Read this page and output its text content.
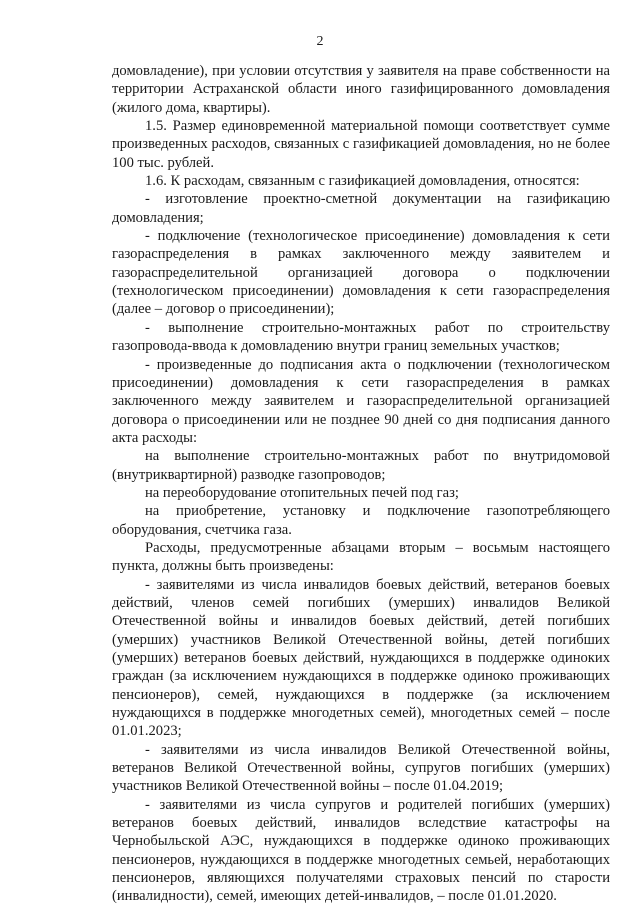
2

домовладение), при условии отсутствия у заявителя на праве собственности на территории Астраханской области иного газифицированного домовладения (жилого дома, квартиры).

1.5. Размер единовременной материальной помощи соответствует сумме произведенных расходов, связанных с газификацией домовладения, но не более 100 тыс. рублей.

1.6. К расходам, связанным с газификацией домовладения, относятся:

- изготовление проектно-сметной документации на газификацию домовладения;

- подключение (технологическое присоединение) домовладения к сети газораспределения в рамках заключенного между заявителем и газораспределительной организацией договора о подключении (технологическом присоединении) домовладения к сети газораспределения (далее – договор о присоединении);

- выполнение строительно-монтажных работ по строительству газопровода-ввода к домовладению внутри границ земельных участков;

- произведенные до подписания акта о подключении (технологическом присоединении) домовладения к сети газораспределения в рамках заключенного между заявителем и газораспределительной организацией договора о присоединении или не позднее 90 дней со дня подписания данного акта расходы:

на выполнение строительно-монтажных работ по внутридомовой (внутриквартирной) разводке газопроводов;

на переоборудование отопительных печей под газ;

на приобретение, установку и подключение газопотребляющего оборудования, счетчика газа.

Расходы, предусмотренные абзацами вторым – восьмым настоящего пункта, должны быть произведены:

- заявителями из числа инвалидов боевых действий, ветеранов боевых действий, членов семей погибших (умерших) инвалидов Великой Отечественной войны и инвалидов боевых действий, детей погибших (умерших) участников Великой Отечественной войны, детей погибших (умерших) ветеранов боевых действий, нуждающихся в поддержке одиноких граждан (за исключением нуждающихся в поддержке одиноко проживающих пенсионеров), семей, нуждающихся в поддержке (за исключением нуждающихся в поддержке многодетных семей), многодетных семей – после 01.01.2023;

- заявителями из числа инвалидов Великой Отечественной войны, ветеранов Великой Отечественной войны, супругов погибших (умерших) участников Великой Отечественной войны – после 01.04.2019;

- заявителями из числа супругов и родителей погибших (умерших) ветеранов боевых действий, инвалидов вследствие катастрофы на Чернобыльской АЭС, нуждающихся в поддержке одиноко проживающих пенсионеров, нуждающихся в поддержке многодетных семьей, неработающих пенсионеров, являющихся получателями страховых пенсий по старости (инвалидности), семей, имеющих детей-инвалидов, – после 01.01.2020.
